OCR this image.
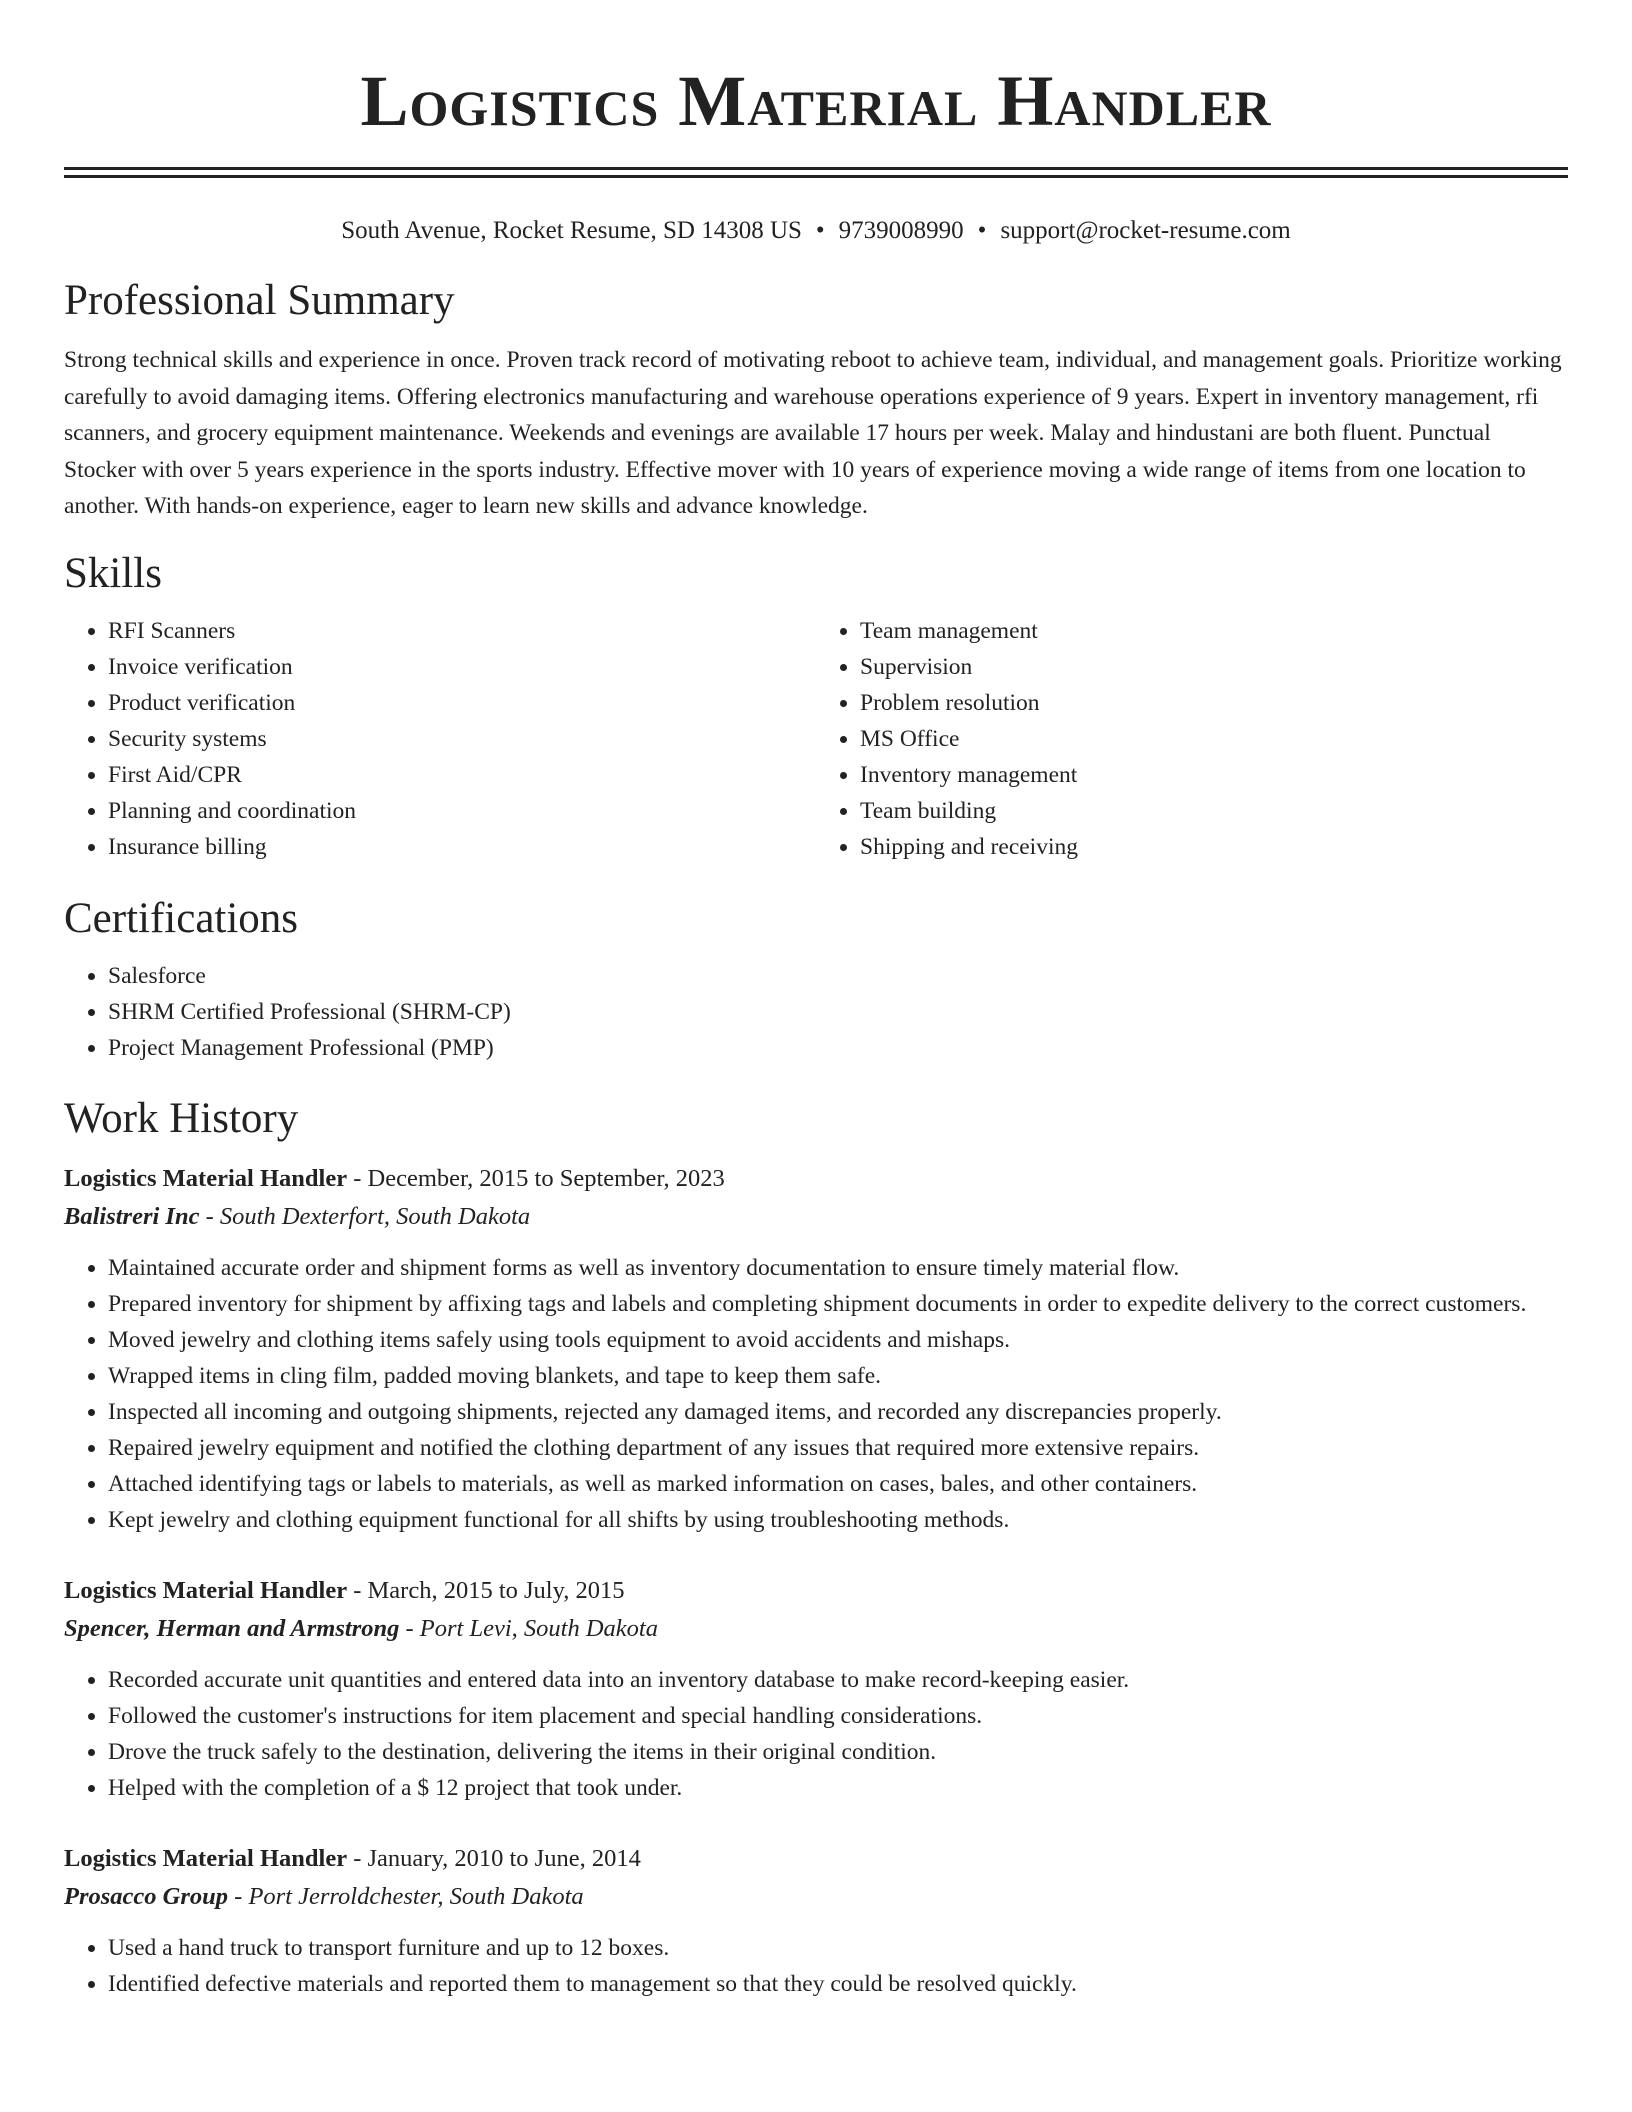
Logistics Material Handler
South Avenue, Rocket Resume, SD 14308 US • 9739008990 • support@rocket-resume.com
Professional Summary

Strong technical skills and experience in once. Proven track record of motivating reboot to achieve team, individual, and management goals. Prioritize working carefully to avoid damaging items. Offering electronics manufacturing and warehouse operations experience of 9 years. Expert in inventory management, rfi scanners, and grocery equipment maintenance. Weekends and evenings are available 17 hours per week. Malay and hindustani are both fluent. Punctual Stocker with over 5 years experience in the sports industry. Effective mover with 10 years of experience moving a wide range of items from one location to another. With hands-on experience, eager to learn new skills and advance knowledge.

Skills
• RFI Scanners
• Invoice verification
• Product verification
• Security systems
• First Aid/CPR
• Planning and coordination
• Insurance billing
• Team management
• Supervision
• Problem resolution
• MS Office
• Inventory management
• Team building
• Shipping and receiving
Certifications
• Salesforce
• SHRM Certified Professional (SHRM-CP)
• Project Management Professional (PMP)
Work History
Logistics Material Handler - December, 2015 to September, 2023
Balistreri Inc - South Dexterfort, South Dakota
• Maintained accurate order and shipment forms as well as inventory documentation to ensure timely material flow.
• Prepared inventory for shipment by affixing tags and labels and completing shipment documents in order to expedite delivery to the correct customers.
• Moved jewelry and clothing items safely using tools equipment to avoid accidents and mishaps.
• Wrapped items in cling film, padded moving blankets, and tape to keep them safe.
• Inspected all incoming and outgoing shipments, rejected any damaged items, and recorded any discrepancies properly.
• Repaired jewelry equipment and notified the clothing department of any issues that required more extensive repairs.
• Attached identifying tags or labels to materials, as well as marked information on cases, bales, and other containers.
• Kept jewelry and clothing equipment functional for all shifts by using troubleshooting methods.
Logistics Material Handler - March, 2015 to July, 2015
Spencer, Herman and Armstrong - Port Levi, South Dakota
• Recorded accurate unit quantities and entered data into an inventory database to make record-keeping easier.
• Followed the customer's instructions for item placement and special handling considerations.
• Drove the truck safely to the destination, delivering the items in their original condition.
• Helped with the completion of a $ 12 project that took under.
Logistics Material Handler - January, 2010 to June, 2014
Prosacco Group - Port Jerroldchester, South Dakota
• Used a hand truck to transport furniture and up to 12 boxes.
• Identified defective materials and reported them to management so that they could be resolved quickly.
